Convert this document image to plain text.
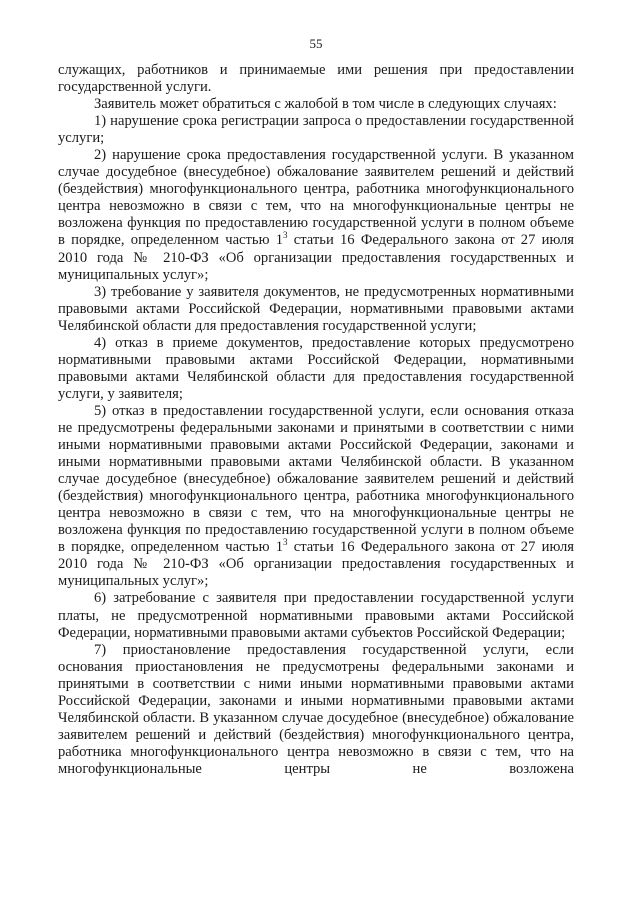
55

служащих, работников и принимаемые ими решения при предоставлении государственной услуги.

Заявитель может обратиться с жалобой в том числе в следующих случаях:

1) нарушение срока регистрации запроса о предоставлении государственной услуги;

2) нарушение срока предоставления государственной услуги. В указанном случае досудебное (внесудебное) обжалование заявителем решений и действий (бездействия) многофункционального центра, работника многофункционального центра невозможно в связи с тем, что на многофункциональные центры не возложена функция по предоставлению государственной услуги в полном объеме в порядке, определенном частью $1^3$ статьи 16 Федерального закона от 27 июля 2010 года № 210-ФЗ «Об организации предоставления государственных и муниципальных услуг»;

3) требование у заявителя документов, не предусмотренных нормативными правовыми актами Российской Федерации, нормативными правовыми актами Челябинской области для предоставления государственной услуги;

4) отказ в приеме документов, предоставление которых предусмотрено нормативными правовыми актами Российской Федерации, нормативными правовыми актами Челябинской области для предоставления государственной услуги, у заявителя;

5) отказ в предоставлении государственной услуги, если основания отказа не предусмотрены федеральными законами и принятыми в соответствии с ними иными нормативными правовыми актами Российской Федерации, законами и иными нормативными правовыми актами Челябинской области. В указанном случае досудебное (внесудебное) обжалование заявителем решений и действий (бездействия) многофункционального центра, работника многофункционального центра невозможно в связи с тем, что на многофункциональные центры не возложена функция по предоставлению государственной услуги в полном объеме в порядке, определенном частью $1^3$ статьи 16 Федерального закона от 27 июля 2010 года № 210-ФЗ «Об организации предоставления государственных и муниципальных услуг»;

6) затребование с заявителя при предоставлении государственной услуги платы, не предусмотренной нормативными правовыми актами Российской Федерации, нормативными правовыми актами субъектов Российской Федерации;

7) приостановление предоставления государственной услуги, если основания приостановления не предусмотрены федеральными законами и принятыми в соответствии с ними иными нормативными правовыми актами Российской Федерации, законами и иными нормативными правовыми актами Челябинской области. В указанном случае досудебное (внесудебное) обжалование заявителем решений и действий (бездействия) многофункционального центра, работника многофункционального центра невозможно в связи с тем, что на многофункциональные центры не возложена
